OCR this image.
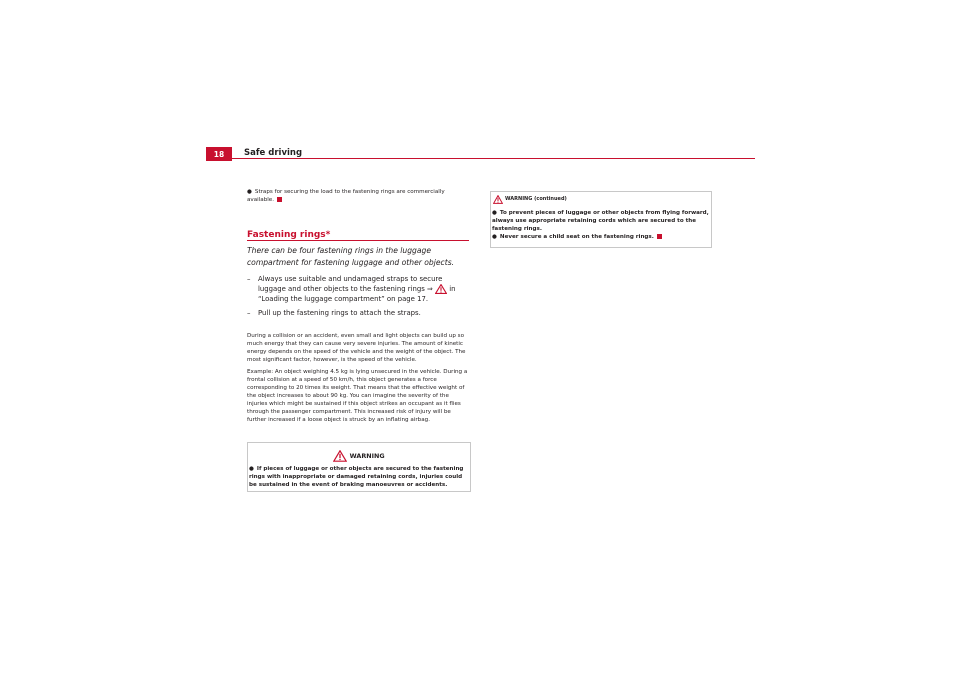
18	Safe driving
● Straps for securing the load to the fastening rings are commercially available.
Fastening rings*
There can be four fastening rings in the luggage compartment for fastening luggage and other objects.
– Always use suitable and undamaged straps to secure luggage and other objects to the fastening rings ⇒ in “Loading the luggage compartment” on page 17.
– Pull up the fastening rings to attach the straps.

During a collision or an accident, even small and light objects can build up so much energy that they can cause very severe injuries. The amount of kinetic energy depends on the speed of the vehicle and the weight of the object. The most significant factor, however, is the speed of the vehicle.

Example: An object weighing 4.5 kg is lying unsecured in the vehicle. During a frontal collision at a speed of 50 km/h, this object generates a force corresponding to 20 times its weight. That means that the effective weight of the object increases to about 90 kg. You can imagine the severity of the injuries which might be sustained if this object strikes an occupant as it flies through the passenger compartment. This increased risk of injury will be further increased if a loose object is struck by an inflating airbag.

WARNING
● If pieces of luggage or other objects are secured to the fastening rings with inappropriate or damaged retaining cords, injuries could be sustained in the event of braking manoeuvres or accidents.
WARNING (continued)
● To prevent pieces of luggage or other objects from flying forward, always use appropriate retaining cords which are secured to the fastening rings.
● Never secure a child seat on the fastening rings.
